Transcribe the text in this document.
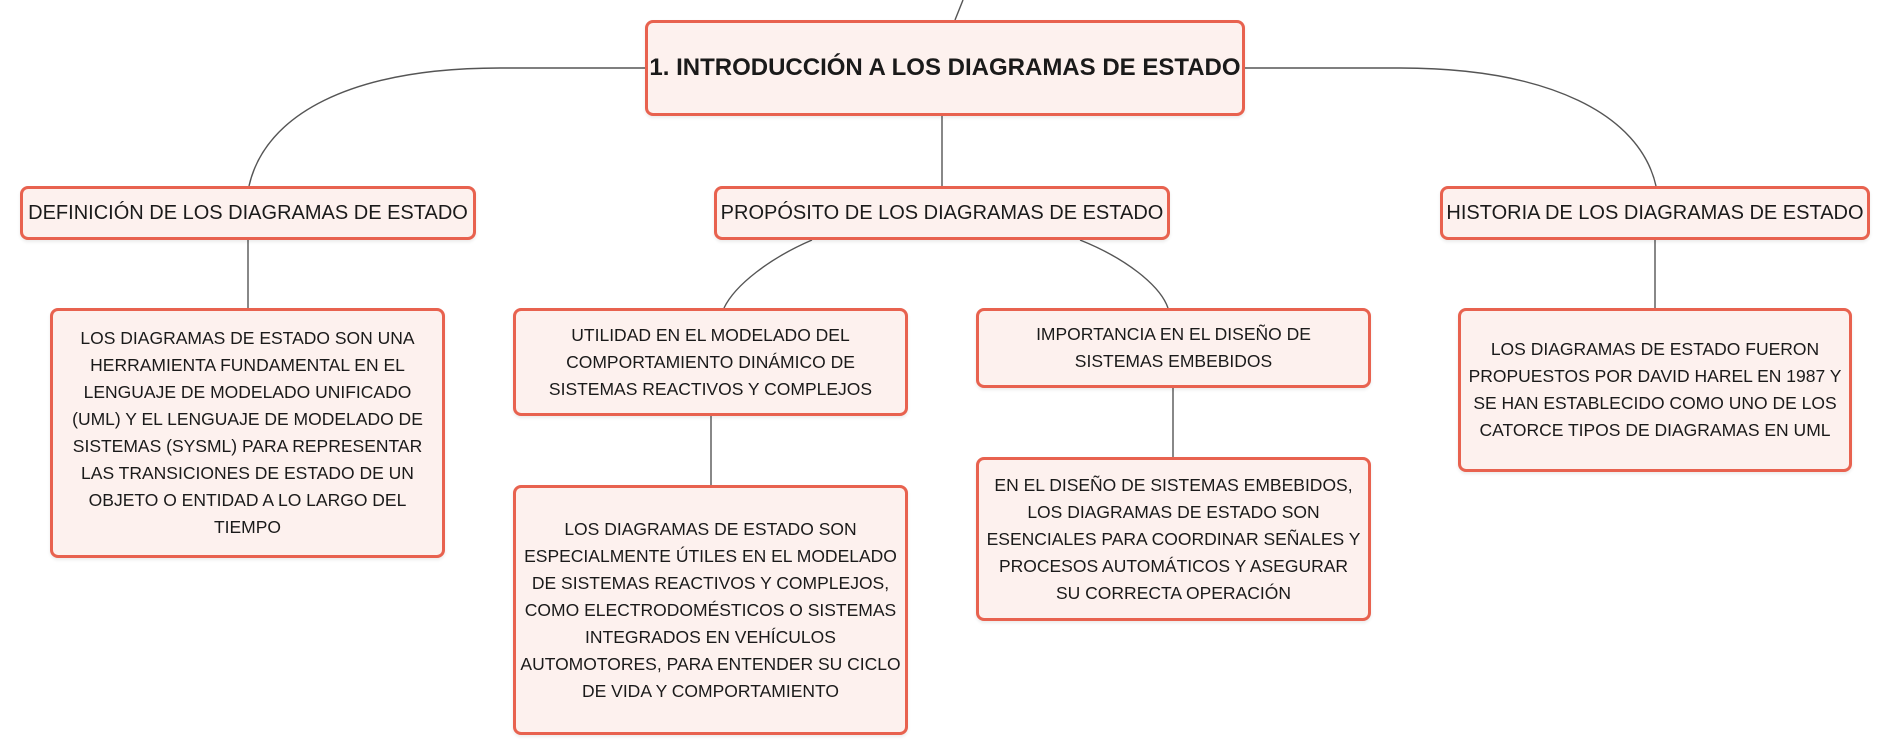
1. INTRODUCCIÓN A LOS DIAGRAMAS DE ESTADO
DEFINICIÓN DE LOS DIAGRAMAS DE ESTADO	PROPÓSITO DE LOS DIAGRAMAS DE ESTADO	HISTORIA DE LOS DIAGRAMAS DE ESTADO
LOS DIAGRAMAS DE ESTADO SON UNA HERRAMIENTA FUNDAMENTAL EN EL LENGUAJE DE MODELADO UNIFICADO (UML) Y EL LENGUAJE DE MODELADO DE SISTEMAS (SYSML) PARA REPRESENTAR LAS TRANSICIONES DE ESTADO DE UN OBJETO O ENTIDAD A LO LARGO DEL TIEMPO
UTILIDAD EN EL MODELADO DEL COMPORTAMIENTO DINÁMICO DE SISTEMAS REACTIVOS Y COMPLEJOS
IMPORTANCIA EN EL DISEÑO DE SISTEMAS EMBEBIDOS
LOS DIAGRAMAS DE ESTADO SON ESPECIALMENTE ÚTILES EN EL MODELADO DE SISTEMAS REACTIVOS Y COMPLEJOS, COMO ELECTRODOMÉSTICOS O SISTEMAS INTEGRADOS EN VEHÍCULOS AUTOMOTORES, PARA ENTENDER SU CICLO DE VIDA Y COMPORTAMIENTO
EN EL DISEÑO DE SISTEMAS EMBEBIDOS, LOS DIAGRAMAS DE ESTADO SON ESENCIALES PARA COORDINAR SEÑALES Y PROCESOS AUTOMÁTICOS Y ASEGURAR SU CORRECTA OPERACIÓN
LOS DIAGRAMAS DE ESTADO FUERON PROPUESTOS POR DAVID HAREL EN 1987 Y SE HAN ESTABLECIDO COMO UNO DE LOS CATORCE TIPOS DE DIAGRAMAS EN UML
